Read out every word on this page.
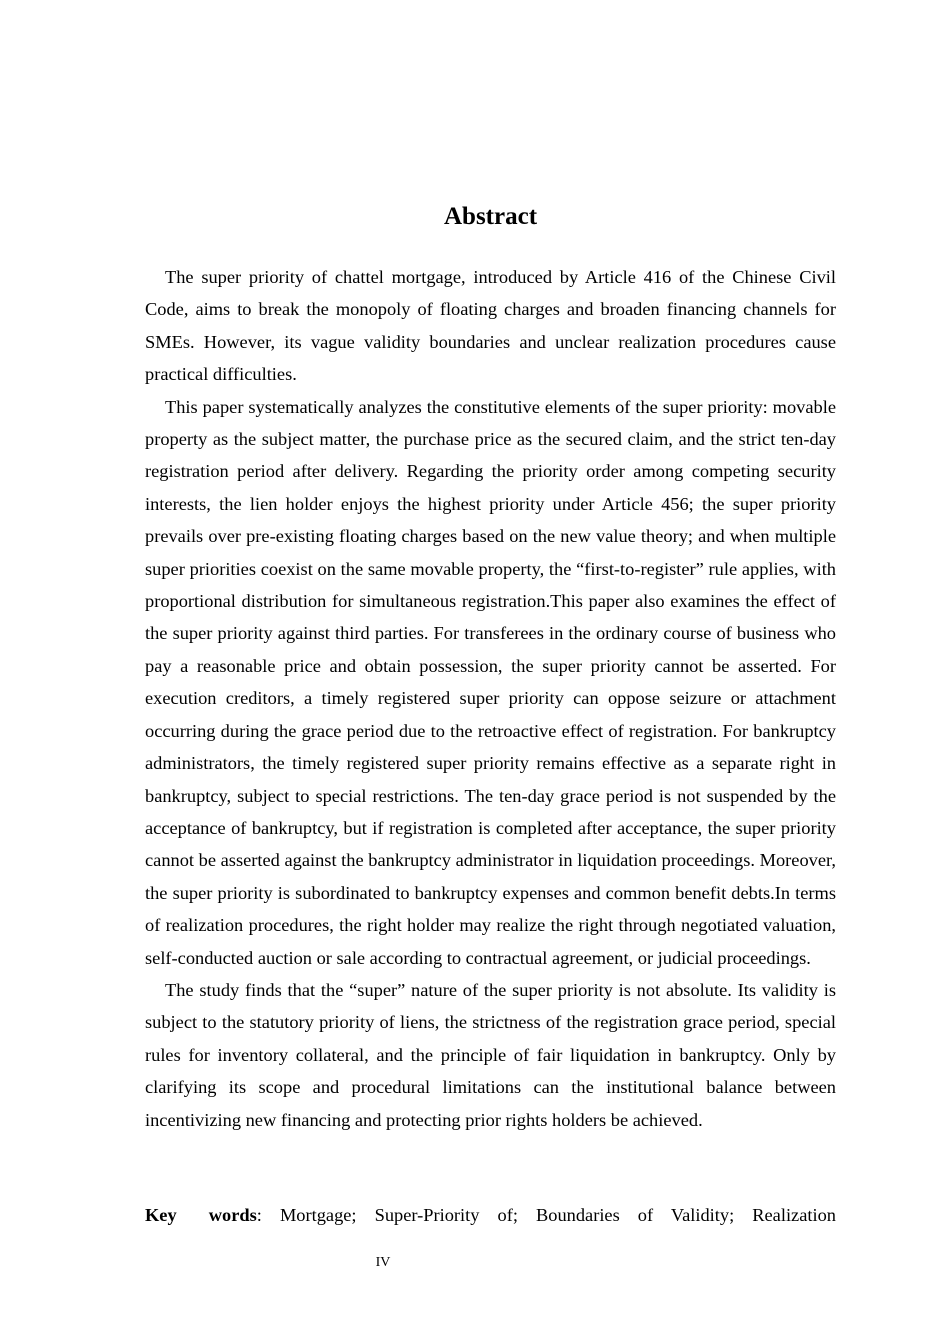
Abstract

The super priority of chattel mortgage, introduced by Article 416 of the Chinese Civil Code, aims to break the monopoly of floating charges and broaden financing channels for SMEs. However, its vague validity boundaries and unclear realization procedures cause practical difficulties.

This paper systematically analyzes the constitutive elements of the super priority: movable property as the subject matter, the purchase price as the secured claim, and the strict ten-day registration period after delivery. Regarding the priority order among competing security interests, the lien holder enjoys the highest priority under Article 456; the super priority prevails over pre-existing floating charges based on the new value theory; and when multiple super priorities coexist on the same movable property, the “first-to-register” rule applies, with proportional distribution for simultaneous registration.This paper also examines the effect of the super priority against third parties. For transferees in the ordinary course of business who pay a reasonable price and obtain possession, the super priority cannot be asserted. For execution creditors, a timely registered super priority can oppose seizure or attachment occurring during the grace period due to the retroactive effect of registration. For bankruptcy administrators, the timely registered super priority remains effective as a separate right in bankruptcy, subject to special restrictions. The ten-day grace period is not suspended by the acceptance of bankruptcy, but if registration is completed after acceptance, the super priority cannot be asserted against the bankruptcy administrator in liquidation proceedings. Moreover, the super priority is subordinated to bankruptcy expenses and common benefit debts.In terms of realization procedures, the right holder may realize the right through negotiated valuation, self-conducted auction or sale according to contractual agreement, or judicial proceedings.

The study finds that the “super” nature of the super priority is not absolute. Its validity is subject to the statutory priority of liens, the strictness of the registration grace period, special rules for inventory collateral, and the principle of fair liquidation in bankruptcy. Only by clarifying its scope and procedural limitations can the institutional balance between incentivizing new financing and protecting prior rights holders be achieved.

Key words: Mortgage; Super-Priority of; Boundaries of Validity; Realization
IV
